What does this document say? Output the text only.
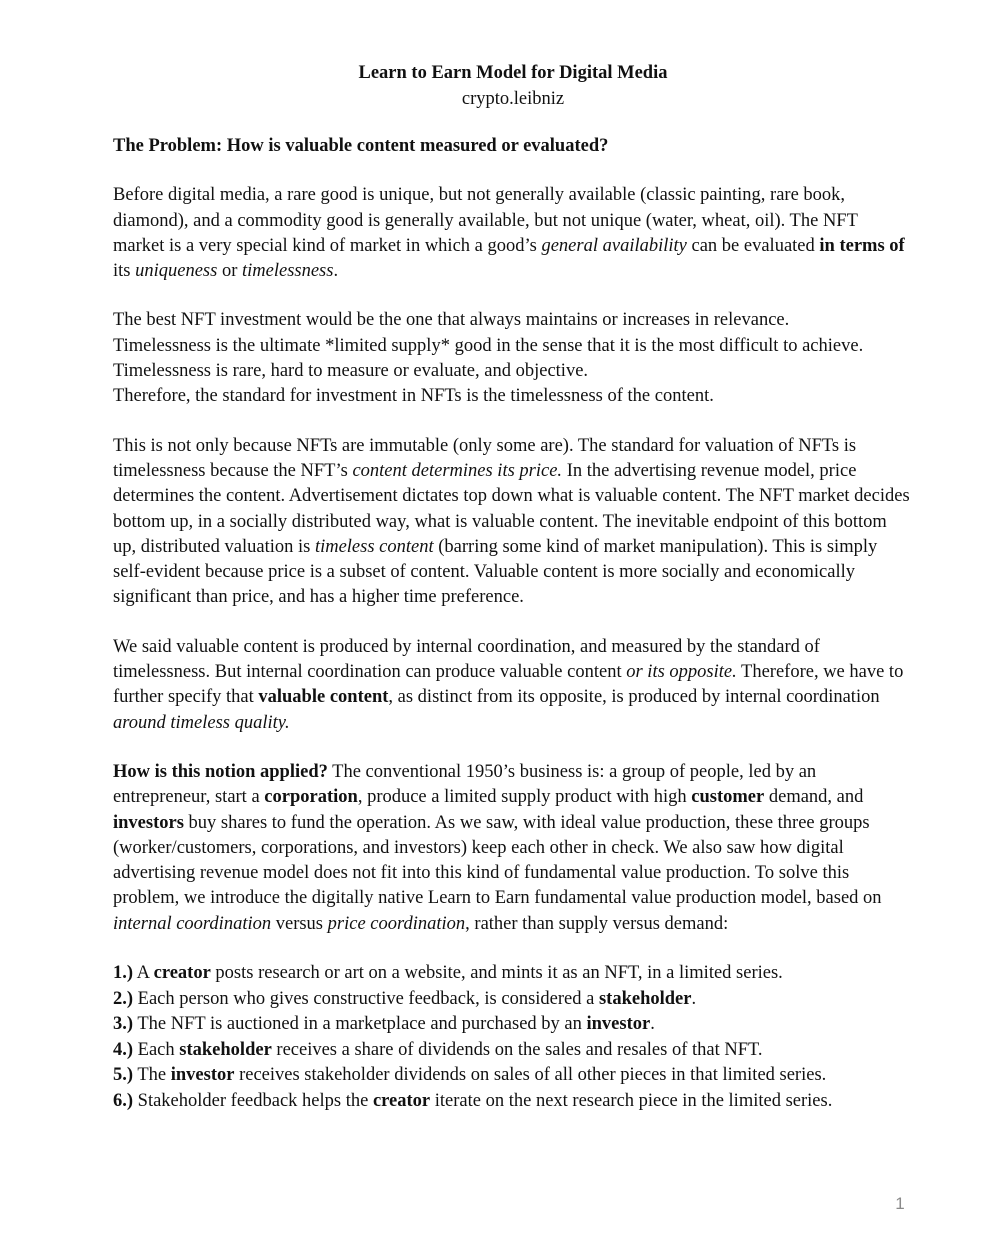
Learn to Earn Model for Digital Media
crypto.leibniz
The Problem: How is valuable content measured or evaluated?

Before digital media, a rare good is unique, but not generally available (classic painting, rare book, diamond), and a commodity good is generally available, but not unique (water, wheat, oil). The NFT market is a very special kind of market in which a good’s general availability can be evaluated in terms of its uniqueness or timelessness.

The best NFT investment would be the one that always maintains or increases in relevance.
Timelessness is the ultimate *limited supply* good in the sense that it is the most difficult to achieve.
Timelessness is rare, hard to measure or evaluate, and objective.
Therefore, the standard for investment in NFTs is the timelessness of the content.

This is not only because NFTs are immutable (only some are). The standard for valuation of NFTs is timelessness because the NFT’s content determines its price. In the advertising revenue model, price determines the content. Advertisement dictates top down what is valuable content. The NFT market decides bottom up, in a socially distributed way, what is valuable content. The inevitable endpoint of this bottom up, distributed valuation is timeless content (barring some kind of market manipulation). This is simply self-evident because price is a subset of content. Valuable content is more socially and economically significant than price, and has a higher time preference.

We said valuable content is produced by internal coordination, and measured by the standard of timelessness. But internal coordination can produce valuable content or its opposite. Therefore, we have to further specify that valuable content, as distinct from its opposite, is produced by internal coordination around timeless quality.

How is this notion applied? The conventional 1950’s business is: a group of people, led by an entrepreneur, start a corporation, produce a limited supply product with high customer demand, and investors buy shares to fund the operation. As we saw, with ideal value production, these three groups (worker/customers, corporations, and investors) keep each other in check. We also saw how digital advertising revenue model does not fit into this kind of fundamental value production. To solve this problem, we introduce the digitally native Learn to Earn fundamental value production model, based on internal coordination versus price coordination, rather than supply versus demand:

1.) A creator posts research or art on a website, and mints it as an NFT, in a limited series.
2.) Each person who gives constructive feedback, is considered a stakeholder.
3.) The NFT is auctioned in a marketplace and purchased by an investor.
4.) Each stakeholder receives a share of dividends on the sales and resales of that NFT.
5.) The investor receives stakeholder dividends on sales of all other pieces in that limited series.
6.) Stakeholder feedback helps the creator iterate on the next research piece in the limited series.
1
